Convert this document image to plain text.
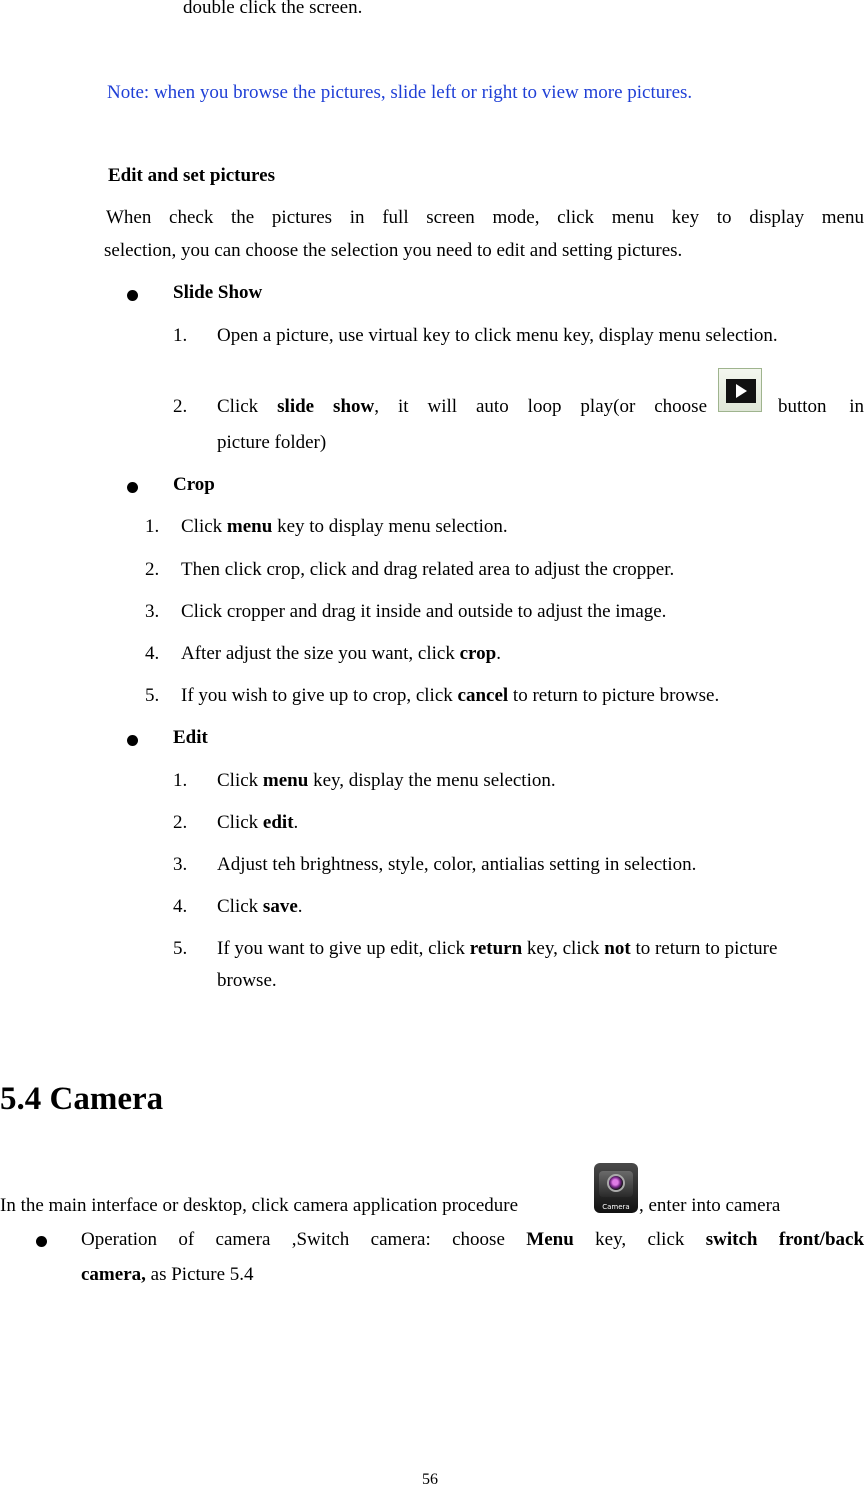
double click the screen.
Note: when you browse the pictures, slide left or right to view more pictures.
Edit and set pictures
When check the pictures in full screen mode, click menu key to display menu
selection, you can choose the selection you need to edit and setting pictures.
Slide Show
1. Open a picture, use virtual key to click menu key, display menu selection.
2. Click slide show, it will auto loop play(or choose	button in
picture folder)
Crop
1. Click menu key to display menu selection.
2. Then click crop, click and drag related area to adjust the cropper.
3. Click cropper and drag it inside and outside to adjust the image.
4. After adjust the size you want, click crop.
5. If you wish to give up to crop, click cancel to return to picture browse.
Edit
1. Click menu key, display the menu selection.
2. Click edit.
3. Adjust teh brightness, style, color, antialias setting in selection.
4. Click save.
5. If you want to give up edit, click return key, click not to return to picture
browse.
5.4 Camera
In the main interface or desktop, click camera application procedure	Camera , enter into camera
Operation of camera ,Switch camera: choose Menu key, click switch front/back
camera, as Picture 5.4
56
